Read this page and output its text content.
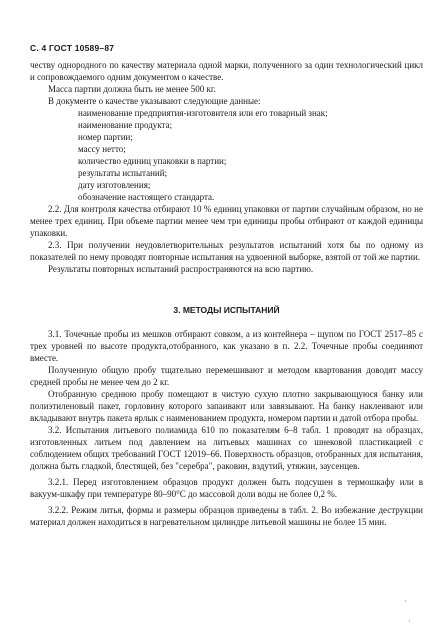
С. 4 ГОСТ 10589–87

честву однородного по качеству материала одной марки, полученного за один технологический цикл и сопровождаемого одним документом о качестве.

Масса партии должна быть не менее 500 кг.

В документе о качестве указывают следующие данные:

наименование предприятия-изготовителя или его товарный знак;

наименование продукта;

номер партии;

массу нетто;

количество единиц упаковки в партии;

результаты испытаний;

дату изготовления;

обозначение настоящего стандарта.

2.2. Для контроля качества отбирают 10 % единиц упаковки от партии случайным образом, но не менее трех единиц. При объеме партии менее чем три единицы пробы отбирают от каждой единицы упаковки.

2.3. При получении неудовлетворительных результатов испытаний хотя бы по одному из показателей по нему проводят повторные испытания на удвоенной выборке, взятой от той же партии.

Результаты повторных испытаний распространяются на всю партию.

3. МЕТОДЫ ИСПЫТАНИЙ

3.1. Точечные пробы из мешков отбирают совком, а из контейнера – щупом по ГОСТ 2517–85 с трех уровней по высоте продукта,отобранного, как указано в п. 2.2. Точечные пробы соединяют вместе.

Полученную общую пробу тщательно перемешивают и методом квартования доводят массу средней пробы не менее чем до 2 кг.

Отобранную среднюю пробу помещают в чистую сухую плотно закрывающуюся банку или полиэтиленовый пакет, горловину которого запаивают или завязывают. На банку наклеивают или вкладывают внутрь пакета ярлык с наименованием продукта, номером партии и датой отбора пробы.

3.2. Испытания литьевого полиамида 610 по показателям 6–8 табл. 1 проводят на образцах, изготовленных литьем под давлением на литьевых машинах со шнековой пластикацией с соблюдением общих требований ГОСТ 12019–66. Поверхность образцов, отобранных для испытания, должна быть гладкой, блестящей, без "серебра", раковин, вздутий, утяжин, заусенцев.

3.2.1. Перед изготовлением образцов продукт должен быть подсушен в термошкафу или в вакуум-шкафу при температуре 80–90°С до массовой доли воды не более 0,2 %.

3.2.2. Режим литья, формы и размеры образцов приведены в табл. 2. Во избежание деструкции материал должен находиться в нагревательном цилиндре литьевой машины не более 15 мин.

·
·
